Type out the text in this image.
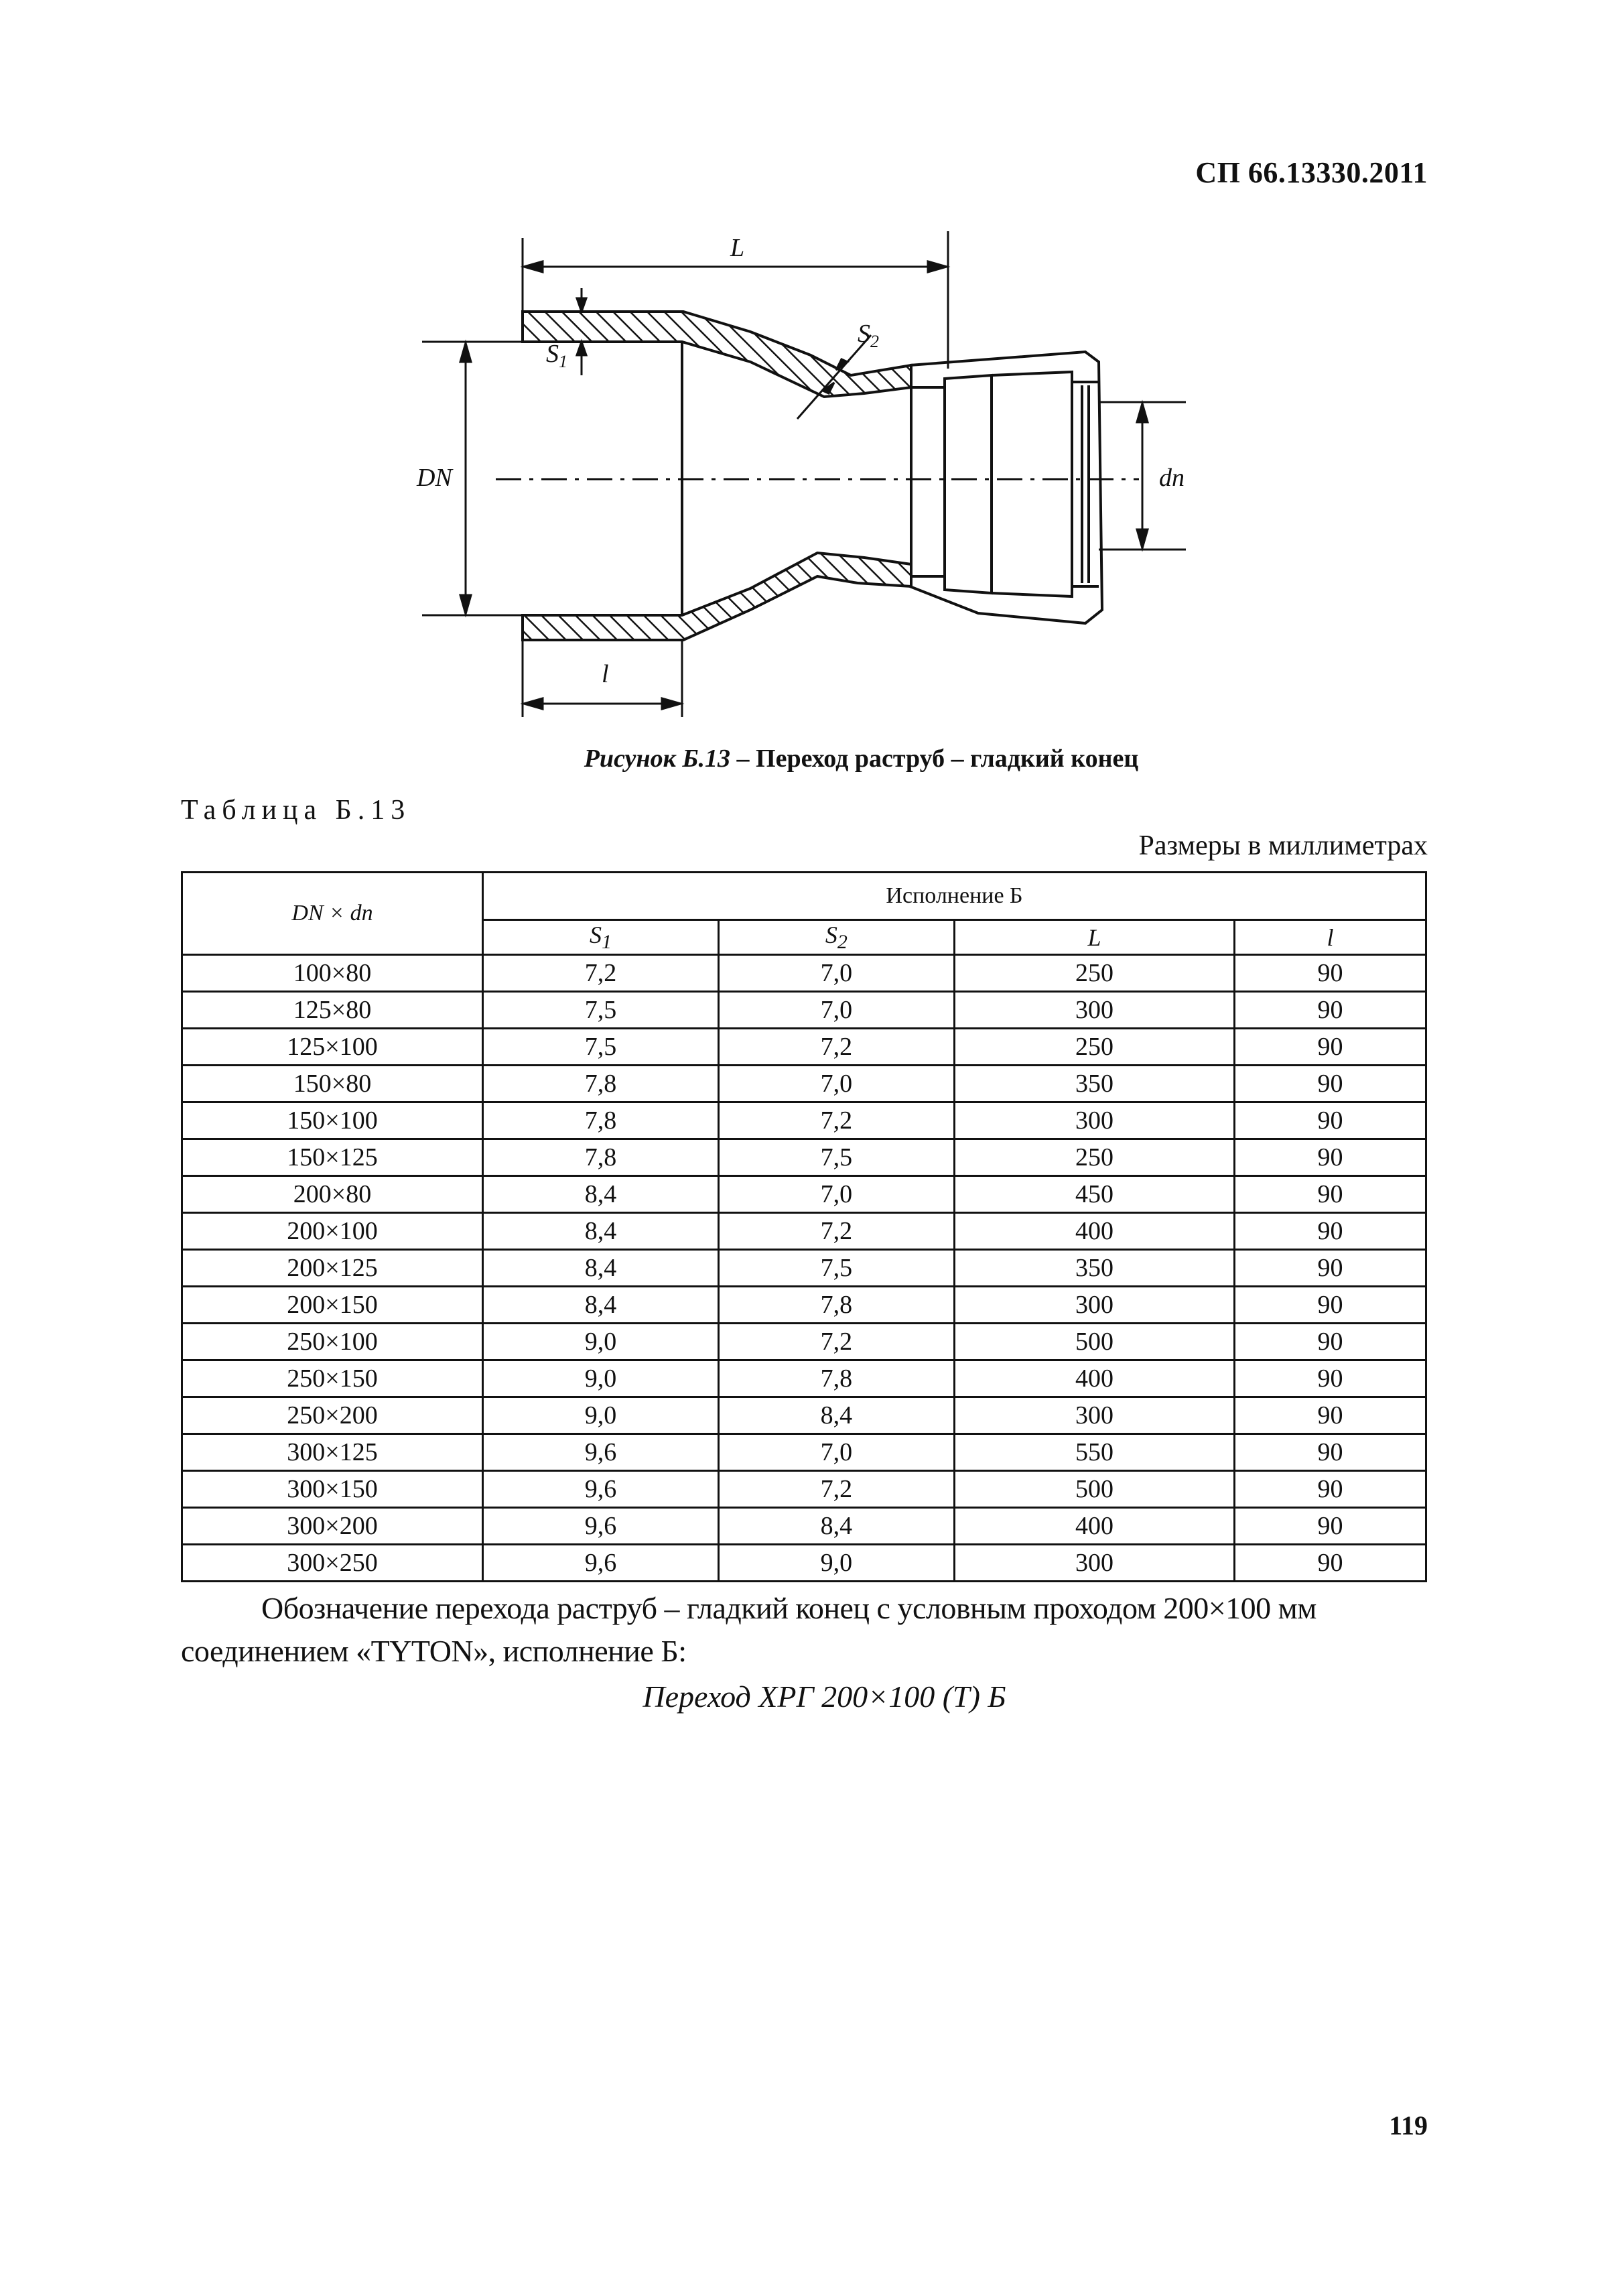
СП 66.13330.2011
L
DN	dn
$S_1$
$S_2$
l
Рисунок Б.13 – Переход раструб – гладкий конец
Таблица Б.13
Размеры в миллиметрах
DN × dn	Исполнение Б			
	$S_1$	$S_2$	L	l
100×80	7,2	7,0	250	90
125×80	7,5	7,0	300	90
125×100	7,5	7,2	250	90
150×80	7,8	7,0	350	90
150×100	7,8	7,2	300	90
150×125	7,8	7,5	250	90
200×80	8,4	7,0	450	90
200×100	8,4	7,2	400	90
200×125	8,4	7,5	350	90
200×150	8,4	7,8	300	90
250×100	9,0	7,2	500	90
250×150	9,0	7,8	400	90
250×200	9,0	8,4	300	90
300×125	9,6	7,0	550	90
300×150	9,6	7,2	500	90
300×200	9,6	8,4	400	90
300×250	9,6	9,0	300	90
Обозначение перехода раструб – гладкий конец с условным проходом 200×100 мм соединением «TYTON», исполнение Б:
Переход ХРГ 200×100 (Т) Б
119
